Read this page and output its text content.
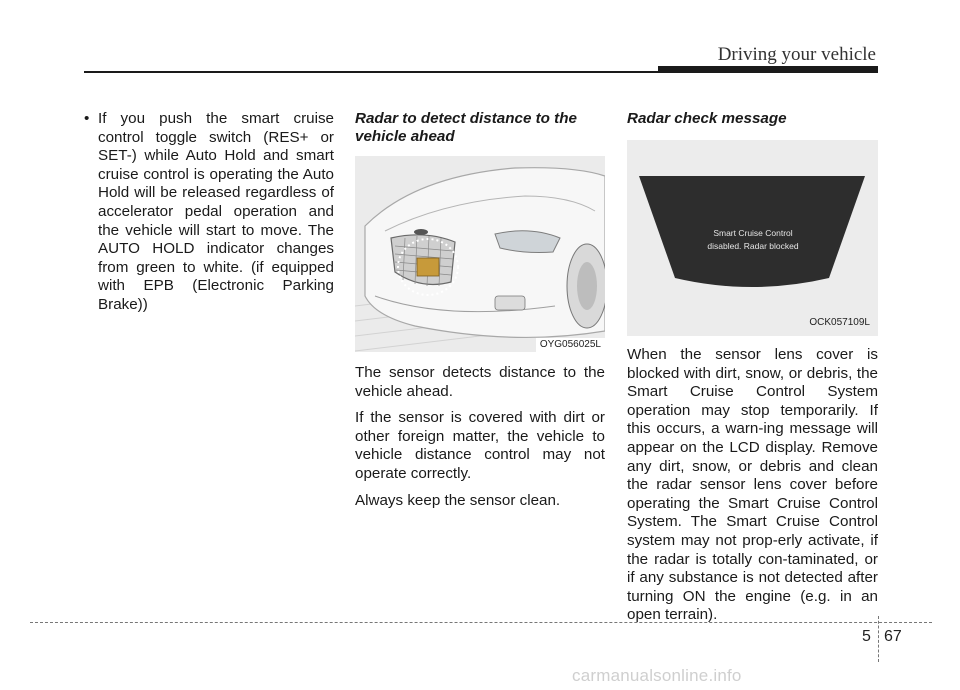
Driving your vehicle
• If you push the smart cruise control toggle switch (RES+ or SET-) while Auto Hold and smart cruise control is operating the Auto Hold will be released regardless of accelerator pedal operation and the vehicle will start to move. The AUTO HOLD indicator changes from green to white. (if equipped with EPB (Electronic Parking Brake))
Radar to detect distance to the vehicle ahead
OYG056025L

The sensor detects distance to the vehicle ahead.

If the sensor is covered with dirt or other foreign matter, the vehicle to vehicle distance control may not operate correctly.

Always keep the sensor clean.

Radar check message
Smart Cruise Control
disabled. Radar blocked
OCK057109L

When the sensor lens cover is blocked with dirt, snow, or debris, the Smart Cruise Control System operation may stop temporarily. If this occurs, a warn-ing message will appear on the LCD display. Remove any dirt, snow, or debris and clean the radar sensor lens cover before operating the Smart Cruise Control System. The Smart Cruise Control system may not prop-erly activate, if the radar is totally con-taminated, or if any substance is not detected after turning ON the engine (e.g. in an open terrain).

5 67
carmanualsonline.info
